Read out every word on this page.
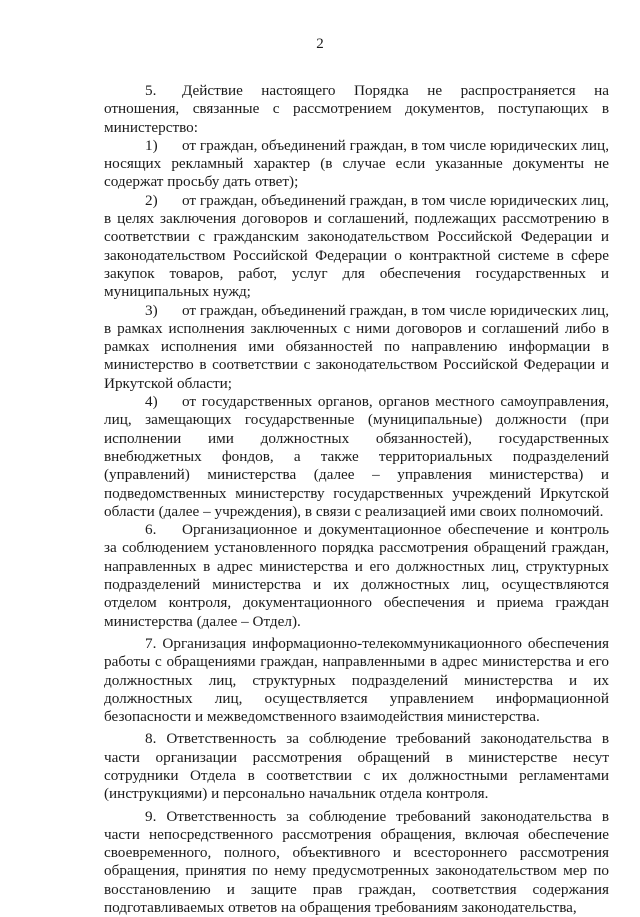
2

5. Действие настоящего Порядка не распространяется на отношения, связанные с рассмотрением документов, поступающих в министерство:

1) от граждан, объединений граждан, в том числе юридических лиц, носящих рекламный характер (в случае если указанные документы не содержат просьбу дать ответ);

2) от граждан, объединений граждан, в том числе юридических лиц, в целях заключения договоров и соглашений, подлежащих рассмотрению в соответствии с гражданским законодательством Российской Федерации и законодательством Российской Федерации о контрактной системе в сфере закупок товаров, работ, услуг для обеспечения государственных и муниципальных нужд;

3) от граждан, объединений граждан, в том числе юридических лиц, в рамках исполнения заключенных с ними договоров и соглашений либо в рамках исполнения ими обязанностей по направлению информации в министерство в соответствии с законодательством Российской Федерации и Иркутской области;

4) от государственных органов, органов местного самоуправления, лиц, замещающих государственные (муниципальные) должности (при исполнении ими должностных обязанностей), государственных внебюджетных фондов, а также территориальных подразделений (управлений) министерства (далее – управления министерства) и подведомственных министерству государственных учреждений Иркутской области (далее – учреждения), в связи с реализацией ими своих полномочий.

6. Организационное и документационное обеспечение и контроль за соблюдением установленного порядка рассмотрения обращений граждан, направленных в адрес министерства и его должностных лиц, структурных подразделений министерства и их должностных лиц, осуществляются отделом контроля, документационного обеспечения и приема граждан министерства (далее – Отдел).

7. Организация информационно-телекоммуникационного обеспечения работы с обращениями граждан, направленными в адрес министерства и его должностных лиц, структурных подразделений министерства и их должностных лиц, осуществляется управлением информационной безопасности и межведомственного взаимодействия министерства.

8. Ответственность за соблюдение требований законодательства в части организации рассмотрения обращений в министерстве несут сотрудники Отдела в соответствии с их должностными регламентами (инструкциями) и персонально начальник отдела контроля.

9. Ответственность за соблюдение требований законодательства в части непосредственного рассмотрения обращения, включая обеспечение своевременного, полного, объективного и всестороннего рассмотрения обращения, принятия по нему предусмотренных законодательством мер по восстановлению и защите прав граждан, соответствия содержания подготавливаемых ответов на обращения требованиям законодательства,
